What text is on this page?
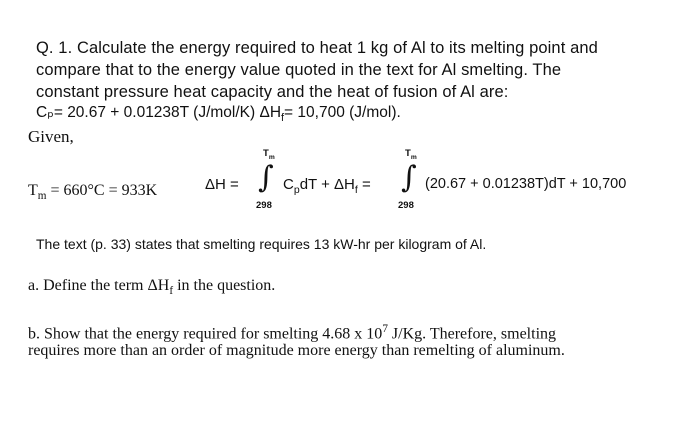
Q. 1. Calculate the energy required to heat 1 kg of Al to its melting point and
compare that to the energy value quoted in the text for Al smelting. The
constant pressure heat capacity and the heat of fusion of Al are:
Cₚ= 20.67 + 0.01238T (J/mol/K) $\Delta H_f= 10,700$ (J/mol).
Given,
$T_m = 660^\circ C = 933K$	ΔH =
$T_m$
∫
298
$C_pdT + \Delta H_f$ =
$T_m$
∫
298
(20.67 + 0.01238T)dT + 10,700
The text (p. 33) states that smelting requires 13 kW-hr per kilogram of Al.
a. Define the term $\Delta H_f$ in the question.
b. Show that the energy required for smelting 4.68 x $10^7$ J/Kg. Therefore, smelting
requires more than an order of magnitude more energy than remelting of aluminum.
